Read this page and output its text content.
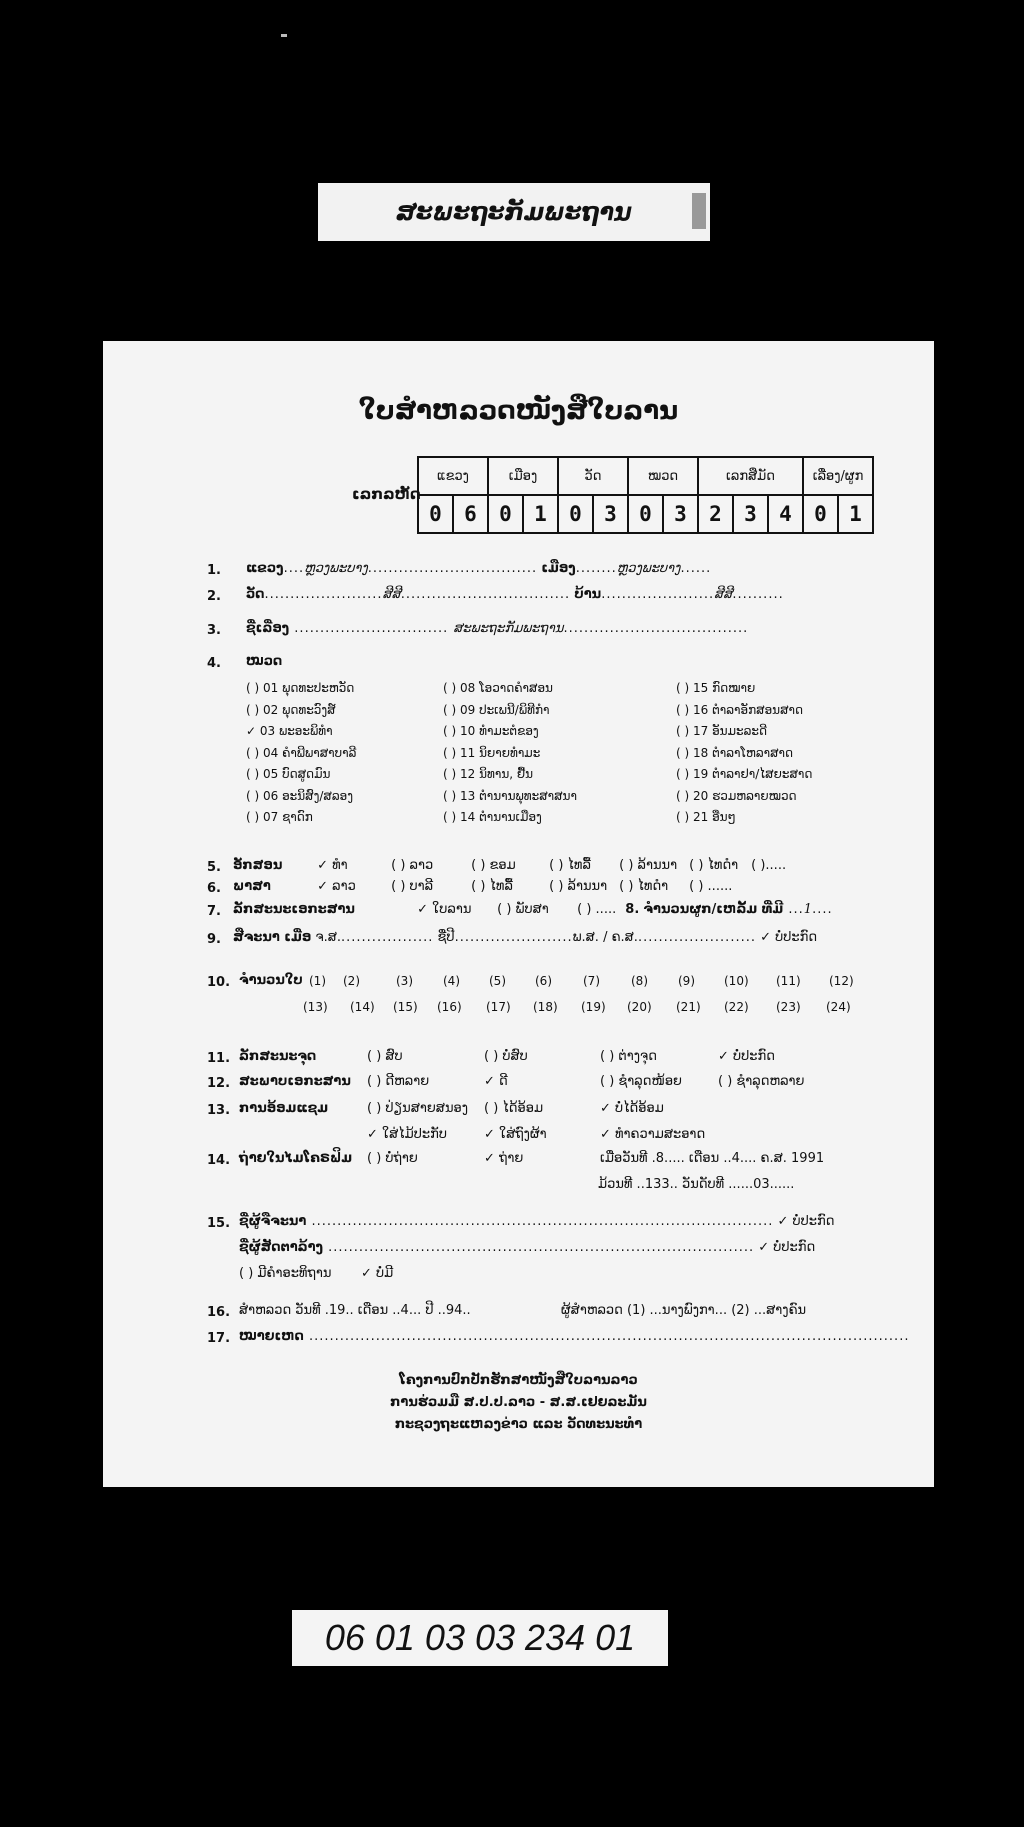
ສະພະຖະກັມພະຖານ
ໃບສຳຫລວດໜັງສືໃບລານ
ເລກລຫັດ
ແຂວງ		ເມືອງ		ວັດ		ໝວດ		ເລກສືມັດ			ເລື່ອງ/ຜູກ	
0	6	0	1	0	3	0	3	2	3	4	0	1
1. ແຂວງ....ຫຼວງພະບາງ................................. ເມືອງ........ຫຼວງພະບາງ......
2. ວັດ.......................ສີສີ................................. ບ້ານ......................ສີສີ..........
3. ຊື່ເລື່ອງ .............................. ສະພະຖະກັມພະຖານ....................................
4. ໝວດ
( ) 01 ພຸດທະປະຫວັດ	( ) 08 ໂອວາດຄໍາສອນ	( ) 15 ກົດໝາຍ
( ) 02 ພຸດທະວົງສ໌	( ) 09 ປະເພນີ/ພິທີກໍາ	( ) 16 ຕໍາລາອັກສອນສາດ
✓ 03 ພະອະພິທຳ	( ) 10 ທໍາມະຕໍຂອງ	( ) 17 ອັນມະລະດີ
( ) 04 ຄໍາພີພາສາບາລີ	( ) 11 ນິຍາຍທຳມະ	( ) 18 ຕໍາລາໂຫລາສາດ
( ) 05 ບົດສູດມົນ	( ) 12 ນິທານ, ຢື້ນ	( ) 19 ຕໍາລາຢາ/ໄສຍະສາດ
( ) 06 ອະນິສົງ/ສລອງ	( ) 13 ຕໍານານພຸທະສາສນາ	( ) 20 ຮວມຫລາຍໝວດ
( ) 07 ຊາດົກ	( ) 14 ຕໍານານເມືອງ	( ) 21 ອືນໆ
5. ອັກສອນ	✓ ທໍາ	( ) ລາວ	( ) ຂອມ	( ) ໄທລື້ ( ) ລ້ານນາ ( ) ໄທດໍາ ( ).....
6. ພາສາ	✓ ລາວ	( ) ບາລີ	( ) ໄທລື້	( ) ລ້ານນາ ( ) ໄທດໍາ ( ) ......
7. ລັກສະນະເອກະສານ	✓ ໃບລານ ( ) ພັບສາ ( ) ..... 8. ຈຳນວນຜູກ/ເຫລັ້ມ ທີ່ມີ ...1....
9. ສືຈະນາ ເມື່ອ ຈ.ສ................... ຊື່ປີ.......................ພ.ສ. / ຄ.ສ........................ ✓ ບໍ່ປະກົດ
10. ຈຳນວນໃບ (1) (2)	(3)	(4) (5) (6)	(7)	(8)	(9) (10) (11) (12)
(13) (14) (15) (16) (17) (18) (19) (20) (21) (22) (23) (24)
11. ລັກສະນະຈຸດ	( ) ສົບ	( ) ບໍ່ສົບ	( ) ຕ່າງຈຸດ	✓ ບໍ່ປະກົດ
12. ສະພາບເອກະສານ ( ) ດີຫລາຍ	✓ ດີ	( ) ຊໍາລຸດໜ້ອຍ	( ) ຊໍາລຸດຫລາຍ
13. ການອ້ອມແຊມ	( ) ປ່ຽນສາຍສນອງ ( ) ໄດ້ອ້ອມ	✓ ບໍ່ໄດ້ອ້ອມ
✓ ໃສ່ໄມ້ປະກັບ	✓ ໃສ່ຖົງຜ້າ	✓ ທໍາຄວາມສະອາດ
14. ຖ່າຍໃນໄມໂຄຣຟິມ ( ) ບໍ່ຖ່າຍ	✓ ຖ່າຍ	ເມື່ອວັນທີ .8..... ເດືອນ ..4.... ຄ.ສ. 1991
ມ້ວນທີ ..133.. ວັນດັບທີ ......03......
15. ຊື່ຜູ້ຈືຈະນາ .......................................................................................... ✓ ບໍ່ປະກົດ
ຊື່ຜູ້ສັດຕາລ້າງ ................................................................................... ✓ ບໍ່ປະກົດ
( ) ມີຄໍາອະທິຖານ ✓ ບໍ່ມີ
16. ສຳຫລວດ ວັນທີ .19.. ເດືອນ ..4... ປີ ..94..	ຜູ້ສຳຫລວດ (1) ...ນາງພົງກາ... (2) ...ສາງຄົນ
17. ໝາຍເຫດ .....................................................................................................................
ໂຄງການປົກປັກຮັກສາໜັງສືໃບລານລາວ
ການຮ່ວມມື ສ.ປ.ປ.ລາວ - ສ.ສ.ເຢຍລະມັນ
ກະຊວງຖະແຫລງຂ່າວ ແລະ ວັດທະນະທຳ
06 01 03 03 234 01
